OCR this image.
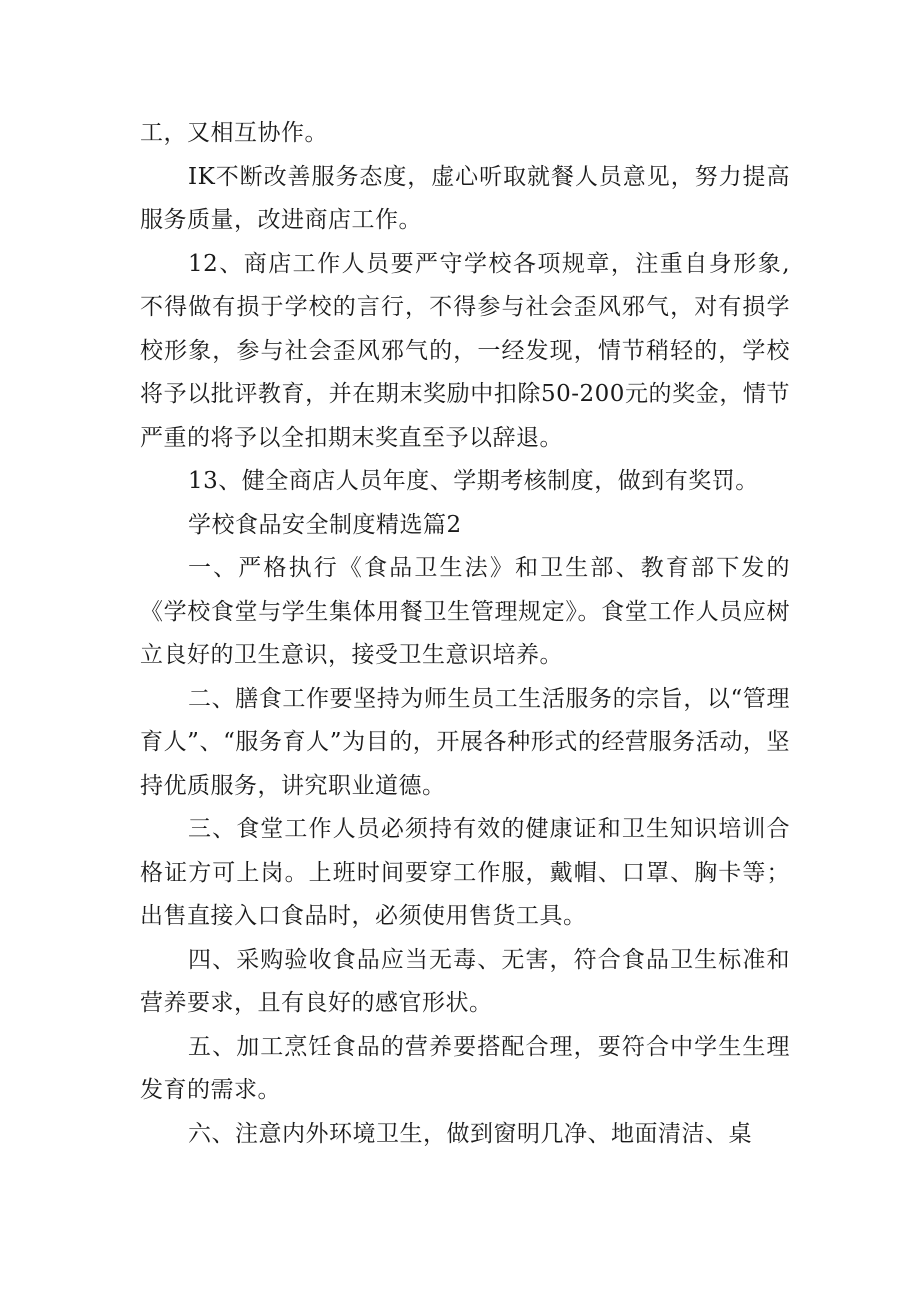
工，又相互协作。

IK不断改善服务态度，虚心听取就餐人员意见，努力提高服务质量，改进商店工作。

12、商店工作人员要严守学校各项规章，注重自身形象,不得做有损于学校的言行，不得参与社会歪风邪气，对有损学校形象，参与社会歪风邪气的，一经发现，情节稍轻的，学校将予以批评教育，并在期末奖励中扣除50-200元的奖金，情节严重的将予以全扣期末奖直至予以辞退。

13、健全商店人员年度、学期考核制度，做到有奖罚。

学校食品安全制度精选篇2

一、严格执行《食品卫生法》和卫生部、教育部下发的《学校食堂与学生集体用餐卫生管理规定》。食堂工作人员应树立良好的卫生意识，接受卫生意识培养。

二、膳食工作要坚持为师生员工生活服务的宗旨，以“管理育人”、“服务育人”为目的，开展各种形式的经营服务活动，坚持优质服务，讲究职业道德。

三、食堂工作人员必须持有效的健康证和卫生知识培训合格证方可上岗。上班时间要穿工作服，戴帽、口罩、胸卡等；出售直接入口食品时，必须使用售货工具。

四、采购验收食品应当无毒、无害，符合食品卫生标准和营养要求，且有良好的感官形状。

五、加工烹饪食品的营养要搭配合理，要符合中学生生理发育的需求。

六、注意内外环境卫生，做到窗明几净、地面清洁、桌
